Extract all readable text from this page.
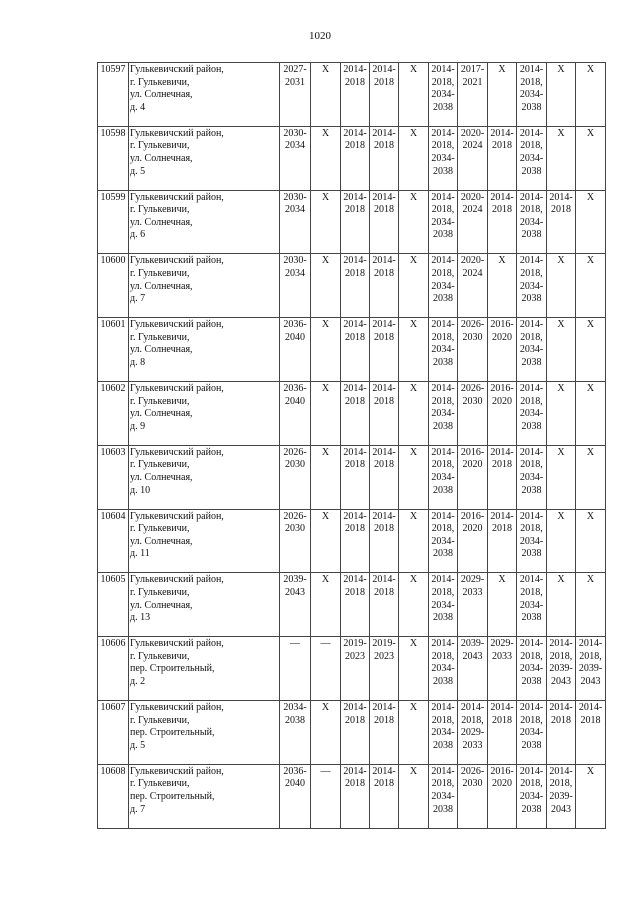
1020
10597	Гулькевичский район,
г. Гулькевичи,
ул. Солнечная,
д. 4	2027-
2031	X	2014-
2018	2014-
2018	X	2014-
2018,
2034-
2038	2017-
2021	X	2014-
2018,
2034-
2038	X	X

10598	Гулькевичский район,
г. Гулькевичи,
ул. Солнечная,
д. 5	2030-
2034	X	2014-
2018	2014-
2018	X	2014-
2018,
2034-
2038	2020-
2024	2014-
2018	2014-
2018,
2034-
2038	X	X

10599	Гулькевичский район,
г. Гулькевичи,
ул. Солнечная,
д. 6	2030-
2034	X	2014-
2018	2014-
2018	X	2014-
2018,
2034-
2038	2020-
2024	2014-
2018	2014-
2018,
2034-
2038	2014-
2018	X

10600	Гулькевичский район,
г. Гулькевичи,
ул. Солнечная,
д. 7	2030-
2034	X	2014-
2018	2014-
2018	X	2014-
2018,
2034-
2038	2020-
2024	X	2014-
2018,
2034-
2038	X	X

10601	Гулькевичский район,
г. Гулькевичи,
ул. Солнечная,
д. 8	2036-
2040	X	2014-
2018	2014-
2018	X	2014-
2018,
2034-
2038	2026-
2030	2016-
2020	2014-
2018,
2034-
2038	X	X

10602	Гулькевичский район,
г. Гулькевичи,
ул. Солнечная,
д. 9	2036-
2040	X	2014-
2018	2014-
2018	X	2014-
2018,
2034-
2038	2026-
2030	2016-
2020	2014-
2018,
2034-
2038	X	X

10603	Гулькевичский район,
г. Гулькевичи,
ул. Солнечная,
д. 10	2026-
2030	X	2014-
2018	2014-
2018	X	2014-
2018,
2034-
2038	2016-
2020	2014-
2018	2014-
2018,
2034-
2038	X	X

10604	Гулькевичский район,
г. Гулькевичи,
ул. Солнечная,
д. 11	2026-
2030	X	2014-
2018	2014-
2018	X	2014-
2018,
2034-
2038	2016-
2020	2014-
2018	2014-
2018,
2034-
2038	X	X

10605	Гулькевичский район,
г. Гулькевичи,
ул. Солнечная,
д. 13	2039-
2043	X	2014-
2018	2014-
2018	X	2014-
2018,
2034-
2038	2029-
2033	X	2014-
2018,
2034-
2038	X	X

10606	Гулькевичский район,
г. Гулькевичи,
пер. Строительный,
д. 2	—	—	2019-
2023	2019-
2023	X	2014-
2018,
2034-
2038	2039-
2043	2029-
2033	2014-
2018,
2034-
2038	2014-
2018,
2039-
2043	2014-
2018,
2039-
2043

10607	Гулькевичский район,
г. Гулькевичи,
пер. Строительный,
д. 5	2034-
2038	X	2014-
2018	2014-
2018	X	2014-
2018,
2034-
2038	2014-
2018,
2029-
2033	2014-
2018	2014-
2018,
2034-
2038	2014-
2018	2014-
2018

10608	Гулькевичский район,
г. Гулькевичи,
пер. Строительный,
д. 7	2036-
2040	—	2014-
2018	2014-
2018	X	2014-
2018,
2034-
2038	2026-
2030	2016-
2020	2014-
2018,
2034-
2038	2014-
2018,
2039-
2043	X
